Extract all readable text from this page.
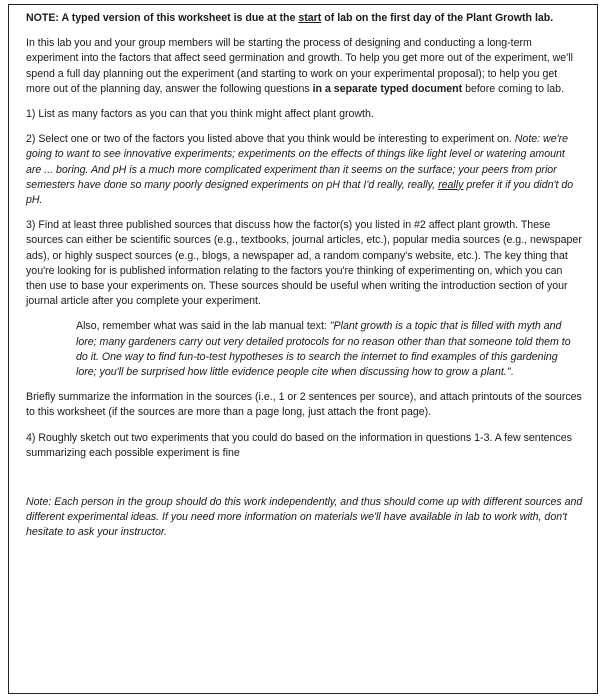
NOTE: A typed version of this worksheet is due at the start of lab on the first day of the Plant Growth lab.

In this lab you and your group members will be starting the process of designing and conducting a long-term experiment into the factors that affect seed germination and growth. To help you get more out of the experiment, we'll spend a full day planning out the experiment (and starting to work on your experimental proposal); to help you get more out of the planning day, answer the following questions in a separate typed document before coming to lab.

1) List as many factors as you can that you think might affect plant growth.

2) Select one or two of the factors you listed above that you think would be interesting to experiment on. Note: we're going to want to see innovative experiments; experiments on the effects of things like light level or watering amount are ... boring. And pH is a much more complicated experiment than it seems on the surface; your peers from prior semesters have done so many poorly designed experiments on pH that I'd really, really, really prefer it if you didn't do pH.

3) Find at least three published sources that discuss how the factor(s) you listed in #2 affect plant growth. These sources can either be scientific sources (e.g., textbooks, journal articles, etc.), popular media sources (e.g., newspaper ads), or highly suspect sources (e.g., blogs, a newspaper ad, a random company's website, etc.). The key thing that you're looking for is published information relating to the factors you're thinking of experimenting on, which you can then use to base your experiments on. These sources should be useful when writing the introduction section of your journal article after you complete your experiment.

Also, remember what was said in the lab manual text: "Plant growth is a topic that is filled with myth and lore; many gardeners carry out very detailed protocols for no reason other than that someone told them to do it. One way to find fun-to-test hypotheses is to search the internet to find examples of this gardening lore; you'll be surprised how little evidence people cite when discussing how to grow a plant.".

Briefly summarize the information in the sources (i.e., 1 or 2 sentences per source), and attach printouts of the sources to this worksheet (if the sources are more than a page long, just attach the front page).

4) Roughly sketch out two experiments that you could do based on the information in questions 1-3. A few sentences summarizing each possible experiment is fine

Note: Each person in the group should do this work independently, and thus should come up with different sources and different experimental ideas. If you need more information on materials we'll have available in lab to work with, don't hesitate to ask your instructor.
